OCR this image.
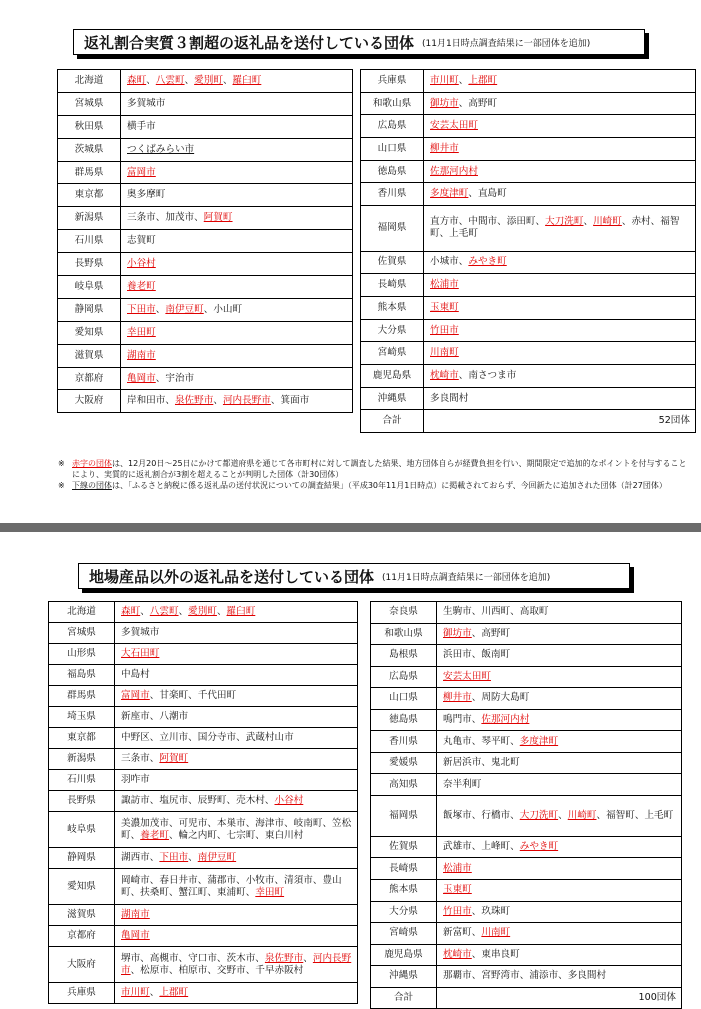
返礼割合実質３割超の返礼品を送付している団体 (11月1日時点調査結果に一部団体を追加)
北海道	森町、八雲町、愛別町、羅臼町
宮城県	多賀城市
秋田県	横手市
茨城県	つくばみらい市
群馬県	富岡市
東京都	奥多摩町
新潟県	三条市、加茂市、阿賀町
石川県	志賀町
長野県	小谷村
岐阜県	養老町
静岡県	下田市、南伊豆町、小山町
愛知県	幸田町
滋賀県	湖南市
京都府	亀岡市、宇治市
大阪府	岸和田市、泉佐野市、河内長野市、箕面市
兵庫県	市川町、上郡町
和歌山県	御坊市、高野町
広島県	安芸太田町
山口県	柳井市
徳島県	佐那河内村
香川県	多度津町、直島町
福岡県	直方市、中間市、添田町、大刀洗町、川崎町、赤村、福智町、上毛町
佐賀県	小城市、みやき町
長崎県	松浦市
熊本県	玉東町
大分県	竹田市
宮崎県	川南町
鹿児島県	枕崎市、南さつま市
沖縄県	多良間村
合計	52団体
※ 赤字の団体は、12月20日～25日にかけて都道府県を通じて各市町村に対して調査した結果、地方団体自らが経費負担を行い、期間限定で追加的なポイントを付与することにより、実質的に返礼割合が3割を超えることが判明した団体（計30団体）
※ 下線の団体は、「ふるさと納税に係る返礼品の送付状況についての調査結果」（平成30年11月1日時点）に掲載されておらず、今回新たに追加された団体（計27団体）
地場産品以外の返礼品を送付している団体 (11月1日時点調査結果に一部団体を追加)
北海道	森町、八雲町、愛別町、羅臼町
宮城県	多賀城市
山形県	大石田町
福島県	中島村
群馬県	富岡市、甘楽町、千代田町
埼玉県	新座市、八潮市
東京都	中野区、立川市、国分寺市、武蔵村山市
新潟県	三条市、阿賀町
石川県	羽咋市
長野県	諏訪市、塩尻市、辰野町、売木村、小谷村
岐阜県	美濃加茂市、可児市、本巣市、海津市、岐南町、笠松町、養老町、輪之内町、七宗町、東白川村
静岡県	湖西市、下田市、南伊豆町
愛知県	岡崎市、春日井市、蒲郡市、小牧市、清須市、豊山町、扶桑町、蟹江町、東浦町、幸田町
滋賀県	湖南市
京都府	亀岡市
大阪府	堺市、高槻市、守口市、茨木市、泉佐野市、河内長野市、松原市、柏原市、交野市、千早赤阪村
兵庫県	市川町、上郡町
奈良県	生駒市、川西町、高取町
和歌山県	御坊市、高野町
島根県	浜田市、飯南町
広島県	安芸太田町
山口県	柳井市、周防大島町
徳島県	鳴門市、佐那河内村
香川県	丸亀市、琴平町、多度津町
愛媛県	新居浜市、鬼北町
高知県	奈半利町
福岡県	飯塚市、行橋市、大刀洗町、川崎町、福智町、上毛町
佐賀県	武雄市、上峰町、みやき町
長崎県	松浦市
熊本県	玉東町
大分県	竹田市、玖珠町
宮崎県	新富町、川南町
鹿児島県	枕崎市、東串良町
沖縄県	那覇市、宮野湾市、浦添市、多良間村
合計	100団体
